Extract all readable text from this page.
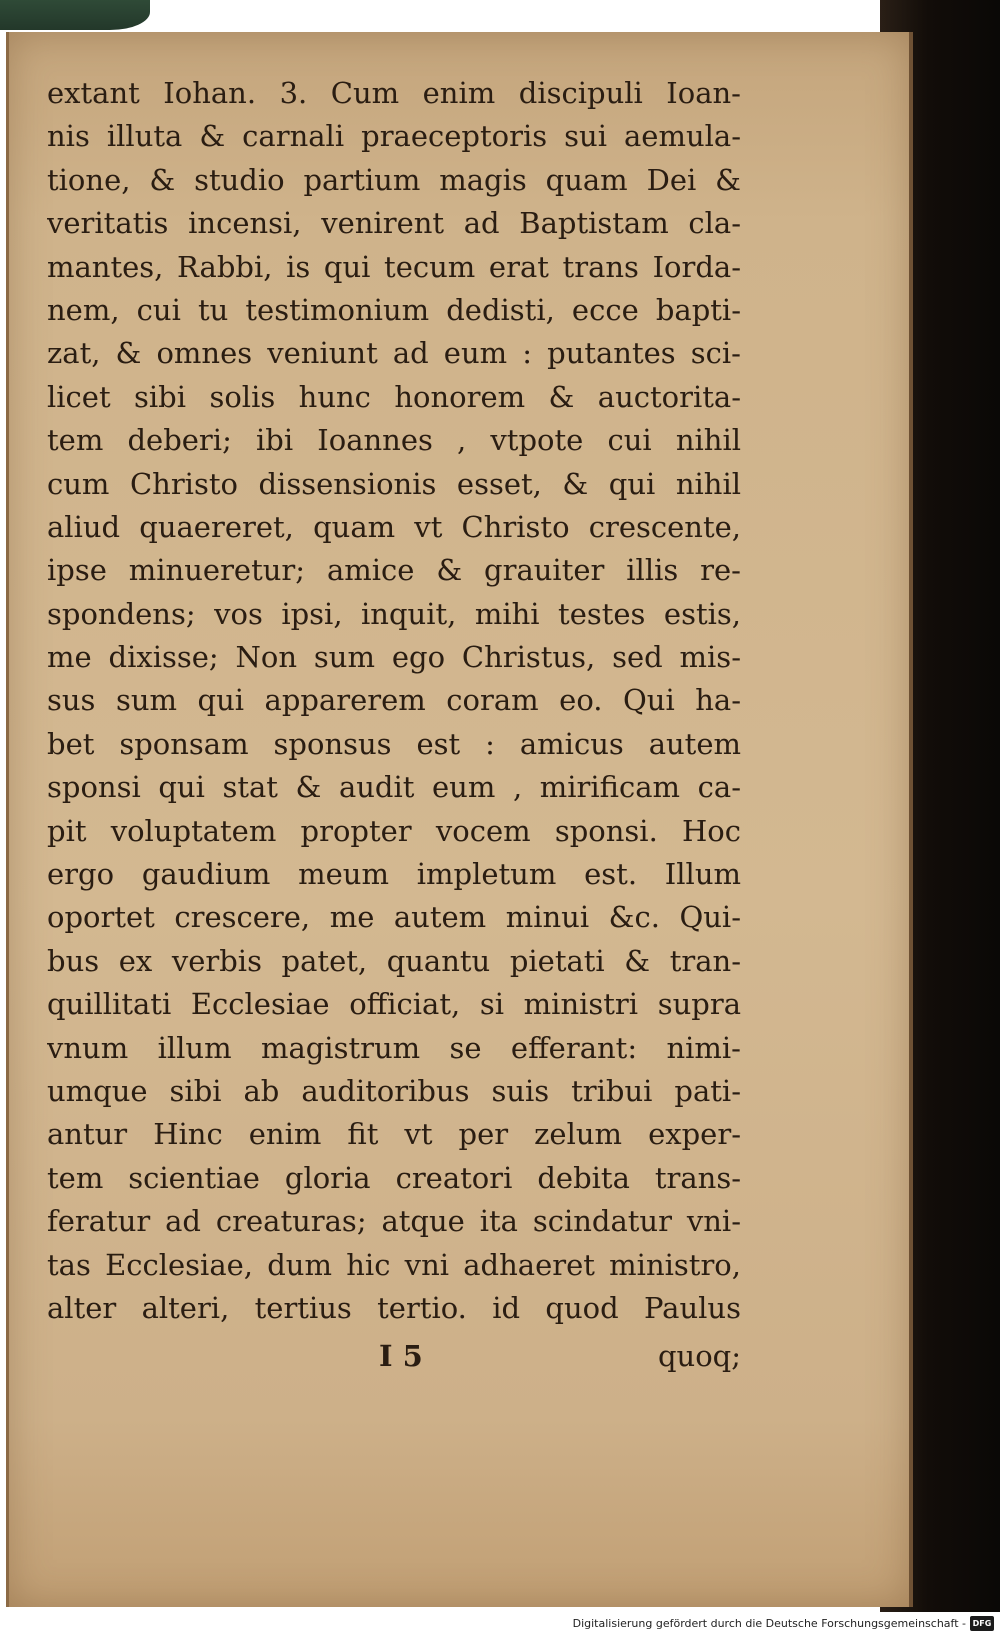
extant Iohan. 3. Cum enim discipuli Ioan-
nis illuta & carnali praeceptoris sui aemula-
tione, & studio partium magis quam Dei &
veritatis incensi, venirent ad Baptistam cla-
mantes, Rabbi, is qui tecum erat trans Iorda-
nem, cui tu testimonium dedisti, ecce bapti-
zat, & omnes veniunt ad eum : putantes sci-
licet sibi solis hunc honorem & auctorita-
tem deberi; ibi Ioannes , vtpote cui nihil
cum Christo dissensionis esset, & qui nihil
aliud quaereret, quam vt Christo crescente,
ipse minueretur; amice & grauiter illis re-
spondens; vos ipsi, inquit, mihi testes estis,
me dixisse; Non sum ego Christus, sed mis-
sus sum qui apparerem coram eo. Qui ha-
bet sponsam sponsus est : amicus autem
sponsi qui stat & audit eum , mirificam ca-
pit voluptatem propter vocem sponsi. Hoc
ergo gaudium meum impletum est. Illum
oportet crescere, me autem minui &c. Qui-
bus ex verbis patet, quantu pietati & tran-
quillitati Ecclesiae officiat, si ministri supra
vnum illum magistrum se efferant: nimi-
umque sibi ab auditoribus suis tribui pati-
antur Hinc enim fit vt per zelum exper-
tem scientiae gloria creatori debita trans-
feratur ad creaturas; atque ita scindatur vni-
tas Ecclesiae, dum hic vni adhaeret ministro,
alter alteri, tertius tertio. id quod Paulus
I 5	quoq;
Digitalisierung gefördert durch die Deutsche Forschungsgemeinschaft - DFG
